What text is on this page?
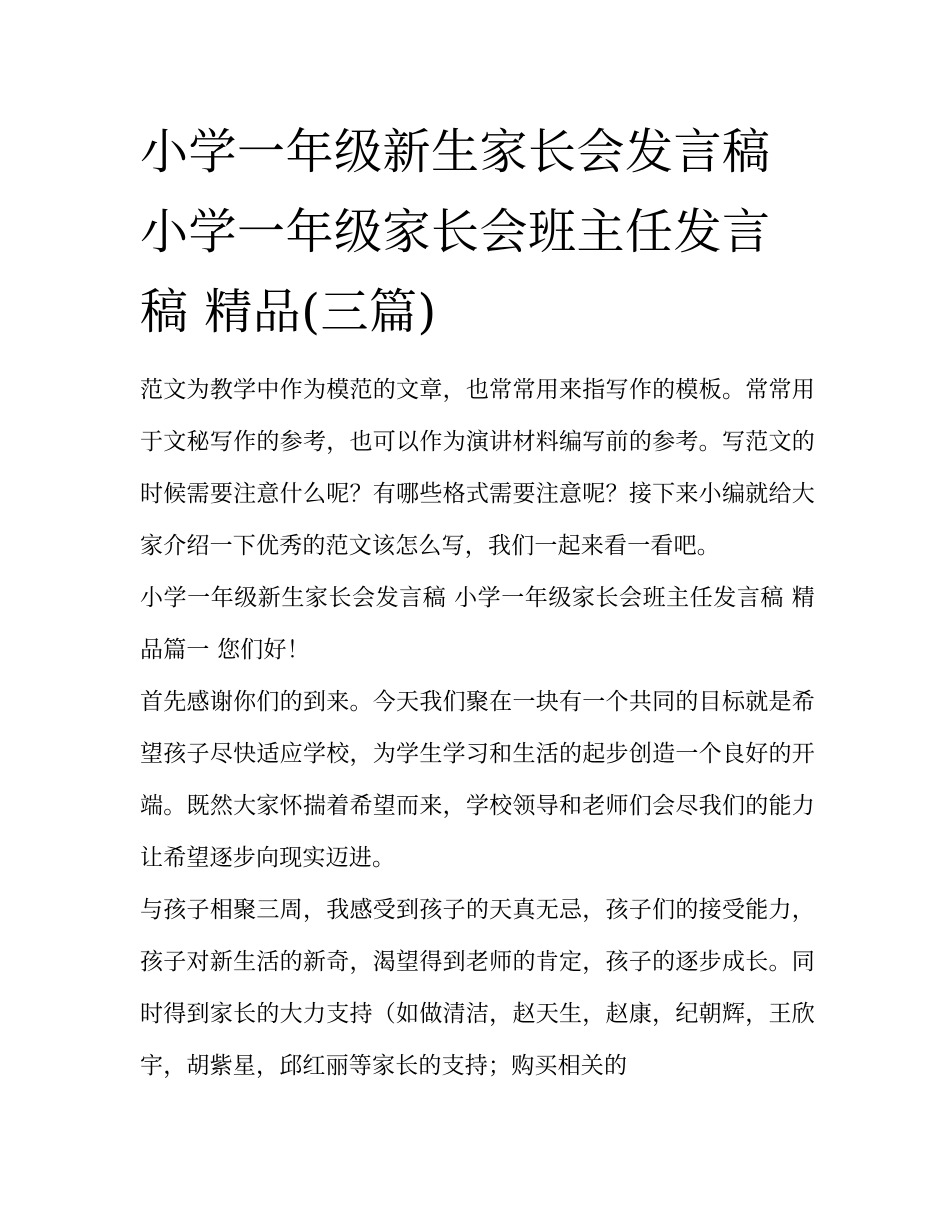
小学一年级新生家长会发言稿 小学一年级家长会班主任发言稿 精品(三篇)

范文为教学中作为模范的文章，也常常用来指写作的模板。常常用于文秘写作的参考，也可以作为演讲材料编写前的参考。写范文的时候需要注意什么呢？有哪些格式需要注意呢？接下来小编就给大家介绍一下优秀的范文该怎么写，我们一起来看一看吧。

小学一年级新生家长会发言稿 小学一年级家长会班主任发言稿 精品篇一 您们好！

首先感谢你们的到来。今天我们聚在一块有一个共同的目标就是希望孩子尽快适应学校，为学生学习和生活的起步创造一个良好的开端。既然大家怀揣着希望而来，学校领导和老师们会尽我们的能力让希望逐步向现实迈进。

与孩子相聚三周，我感受到孩子的天真无忌，孩子们的接受能力，孩子对新生活的新奇，渴望得到老师的肯定，孩子的逐步成长。同时得到家长的大力支持（如做清洁，赵天生，赵康，纪朝辉，王欣宇，胡紫星，邱红丽等家长的支持；购买相关的
